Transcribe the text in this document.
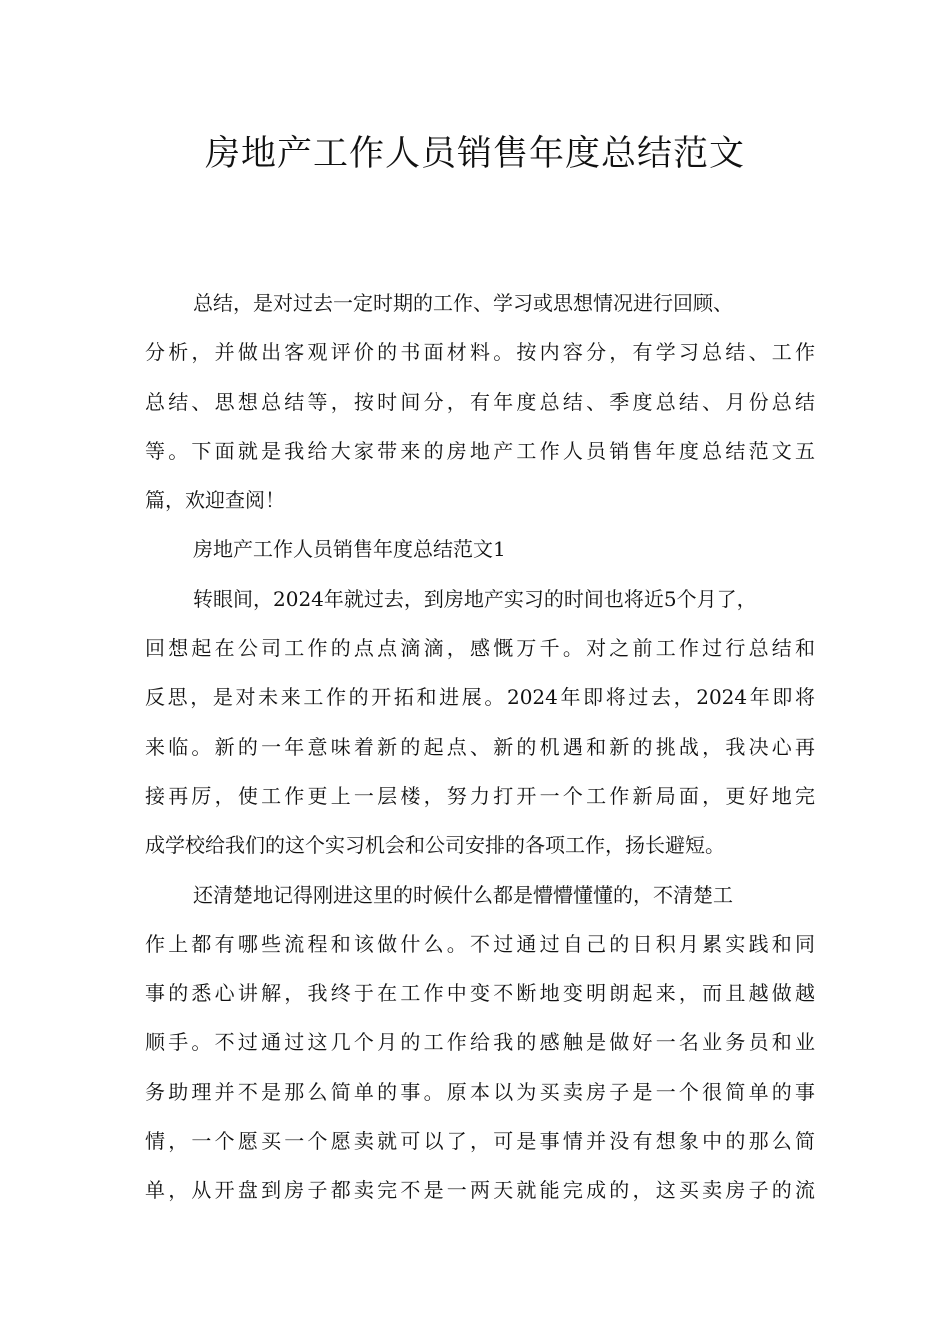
房地产工作人员销售年度总结范文
总结，是对过去一定时期的工作、学习或思想情况进行回顾、
分析，并做出客观评价的书面材料。按内容分，有学习总结、工作
总结、思想总结等，按时间分，有年度总结、季度总结、月份总结
等。下面就是我给大家带来的房地产工作人员销售年度总结范文五
篇，欢迎查阅！
房地产工作人员销售年度总结范文1
转眼间，2024年就过去，到房地产实习的时间也将近5个月了，
回想起在公司工作的点点滴滴，感慨万千。对之前工作过行总结和
反思，是对未来工作的开拓和进展。2024年即将过去，2024年即将
来临。新的一年意味着新的起点、新的机遇和新的挑战，我决心再
接再厉，使工作更上一层楼，努力打开一个工作新局面，更好地完
成学校给我们的这个实习机会和公司安排的各项工作，扬长避短。
还清楚地记得刚进这里的时候什么都是懵懵懂懂的，不清楚工
作上都有哪些流程和该做什么。不过通过自己的日积月累实践和同
事的悉心讲解，我终于在工作中变不断地变明朗起来，而且越做越
顺手。不过通过这几个月的工作给我的感触是做好一名业务员和业
务助理并不是那么简单的事。原本以为买卖房子是一个很简单的事
情，一个愿买一个愿卖就可以了，可是事情并没有想象中的那么简
单，从开盘到房子都卖完不是一两天就能完成的，这买卖房子的流
